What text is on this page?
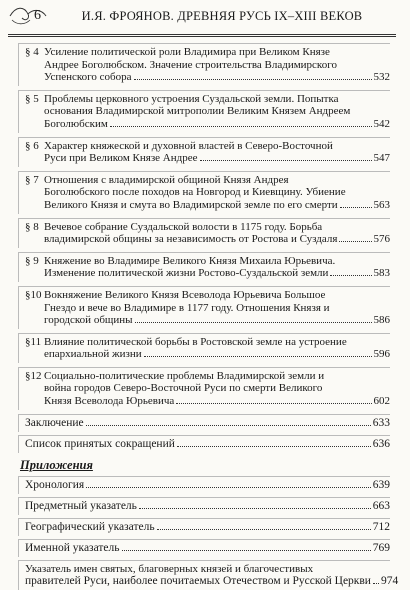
6	И.Я. ФРОЯНОВ. ДРЕВНЯЯ РУСЬ IX–XIII ВЕКОВ
§ 4 Усиление политической роли Владимира при Великом Князе
Андрее Боголюбском. Значение строительства Владимирского
Успенского собора	532
§ 5 Проблемы церковного устроения Суздальской земли. Попытка
основания Владимирской митрополии Великим Князем Андреем
Боголюбским	542
§ 6 Характер княжеской и духовной властей в Северо-Восточной
Руси при Великом Князе Андрее	547
§ 7 Отношения с владимирской общиной Князя Андрея
Боголюбского после походов на Новгород и Киевщину. Убиение
Великого Князя и смута во Владимирской земле по его смерти	563
§ 8 Вечевое собрание Суздальской волости в 1175 году. Борьба
владимирской общины за независимость от Ростова и Суздаля	576
§ 9 Княжение во Владимире Великого Князя Михаила Юрьевича.
Изменение политической жизни Ростово-Суздальской земли	583
§10 Вокняжение Великого Князя Всеволода Юрьевича Большое
Гнездо и вече во Владимире в 1177 году. Отношения Князя и
городской общины	586
§11 Влияние политической борьбы в Ростовской земле на устроение
епархиальной жизни	596
§12 Социально-политические проблемы Владимирской земли и
война городов Северо-Восточной Руси по смерти Великого
Князя Всеволода Юрьевича	602
Заключение	633
Список принятых сокращений	636
Приложения
Хронология	639
Предметный указатель	663
Географический указатель	712
Именной указатель	769
Указатель имен святых, благоверных князей и благочестивых
правителей Руси, наиболее почитаемых Отечеством и Русской Церкви 974
